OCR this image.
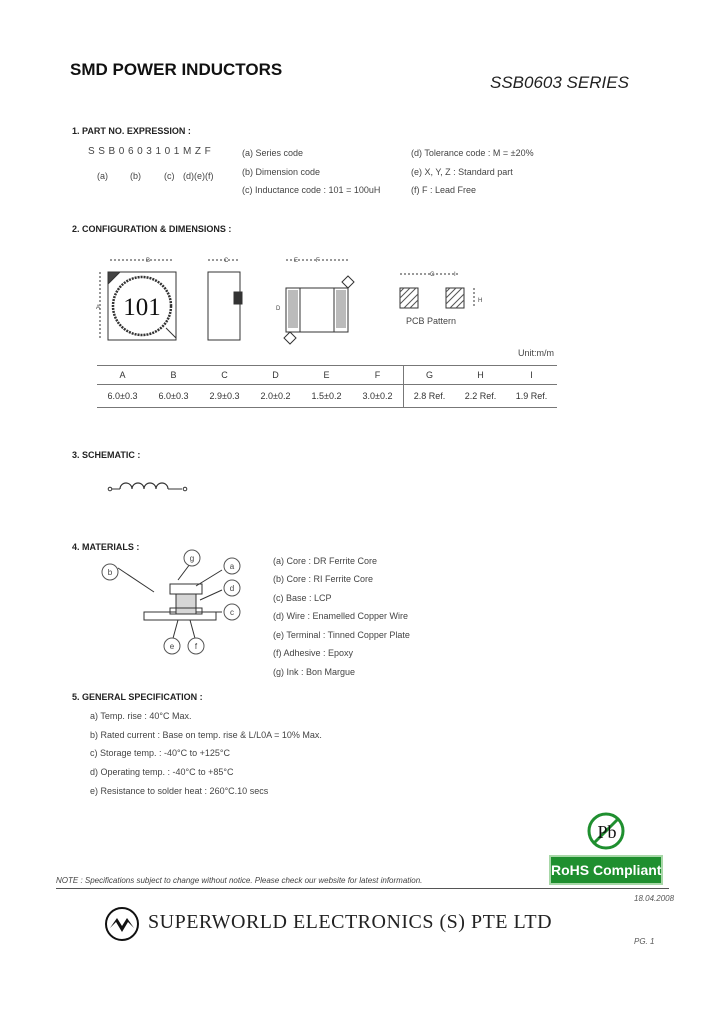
SMD POWER INDUCTORS
SSB0603 SERIES
1. PART NO. EXPRESSION :
SSB0603101MZF
(a) (b)	(c) (d)(e)(f)
(a) Series code
(b) Dimension code
(c) Inductance code : 101 = 100uH
(d) Tolerance code : M = ±20%
(e) X, Y, Z : Standard part
(f) F : Lead Free
2. CONFIGURATION & DIMENSIONS :
B
A 101
C	E	F
D
G	I
H
PCB Pattern
Unit:m/m
A	B	C	D	E	F	G	H	I
6.0±0.3	6.0±0.3	2.9±0.3	2.0±0.2	1.5±0.2	3.0±0.2	2.8 Ref.	2.2 Ref.	1.9 Ref.
3. SCHEMATIC :
4. MATERIALS :
b
g
a
d
c
e	f
(a) Core : DR Ferrite Core
(b) Core : RI Ferrite Core
(c) Base : LCP
(d) Wire : Enamelled Copper Wire
(e) Terminal : Tinned Copper Plate
(f) Adhesive : Epoxy
(g) Ink : Bon Margue
5. GENERAL SPECIFICATION :
a) Temp. rise : 40°C Max.
b) Rated current : Base on temp. rise & L/L0A = 10% Max.
c) Storage temp. : -40°C to +125°C
d) Operating temp. : -40°C to +85°C
e) Resistance to solder heat : 260°C.10 secs
Pb
RoHS Compliant
NOTE : Specifications subject to change without notice. Please check our website for latest information.
18.04.2008
SUPERWORLD ELECTRONICS (S) PTE LTD
PG. 1
